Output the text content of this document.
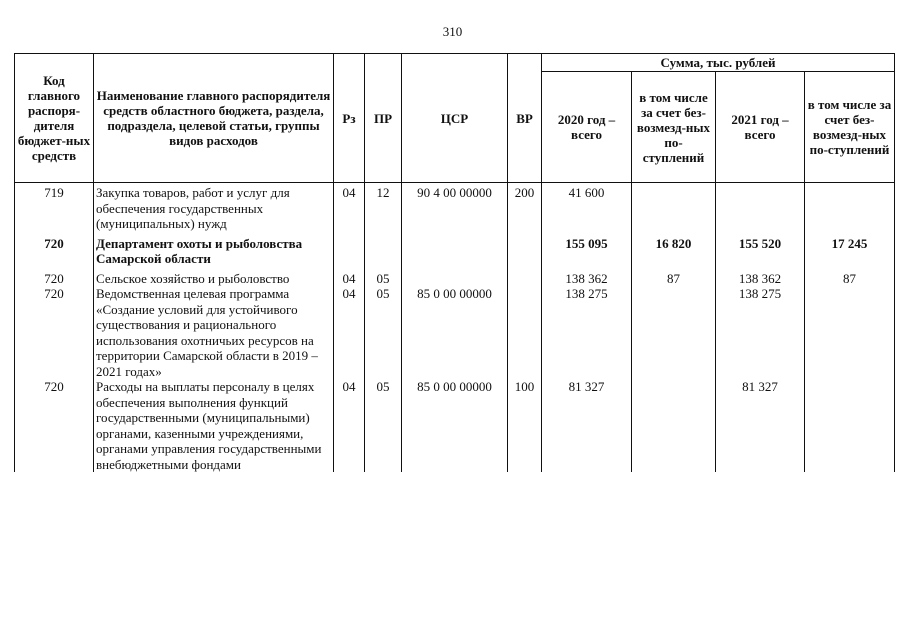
310
Код главного распоря-дителя бюджет-ных средств	Наименование главного распорядителя средств областного бюджета, раздела, подраздела, целевой статьи, группы видов расходов	Рз	ПР	ЦСР	ВР	Сумма, тыс. рублей			
						2020 год – всего	в том числе за счет без-возмезд-ных по-ступлений	2021 год – всего	в том числе за счет без-возмезд-ных по-ступлений
719	Закупка товаров, работ и услуг для обеспечения государственных (муниципальных) нужд	04	12	90 4 00 00000	200	41 600			
720	Департамент охоты и рыболовства Самарской области					155 095	16 820	155 520	17 245
720	Сельское хозяйство и рыболовство	04	05			138 362	87	138 362	87
720	Ведомственная целевая программа «Создание условий для устойчивого существования и рационального использования охотничьих ресурсов на территории Самарской области в 2019 – 2021 годах»	04	05	85 0 00 00000		138 275		138 275	
720	Расходы на выплаты персоналу в целях обеспечения выполнения функций государственными (муниципальными) органами, казенными учреждениями, органами управления государственными внебюджетными фондами	04	05	85 0 00 00000	100	81 327		81 327	
